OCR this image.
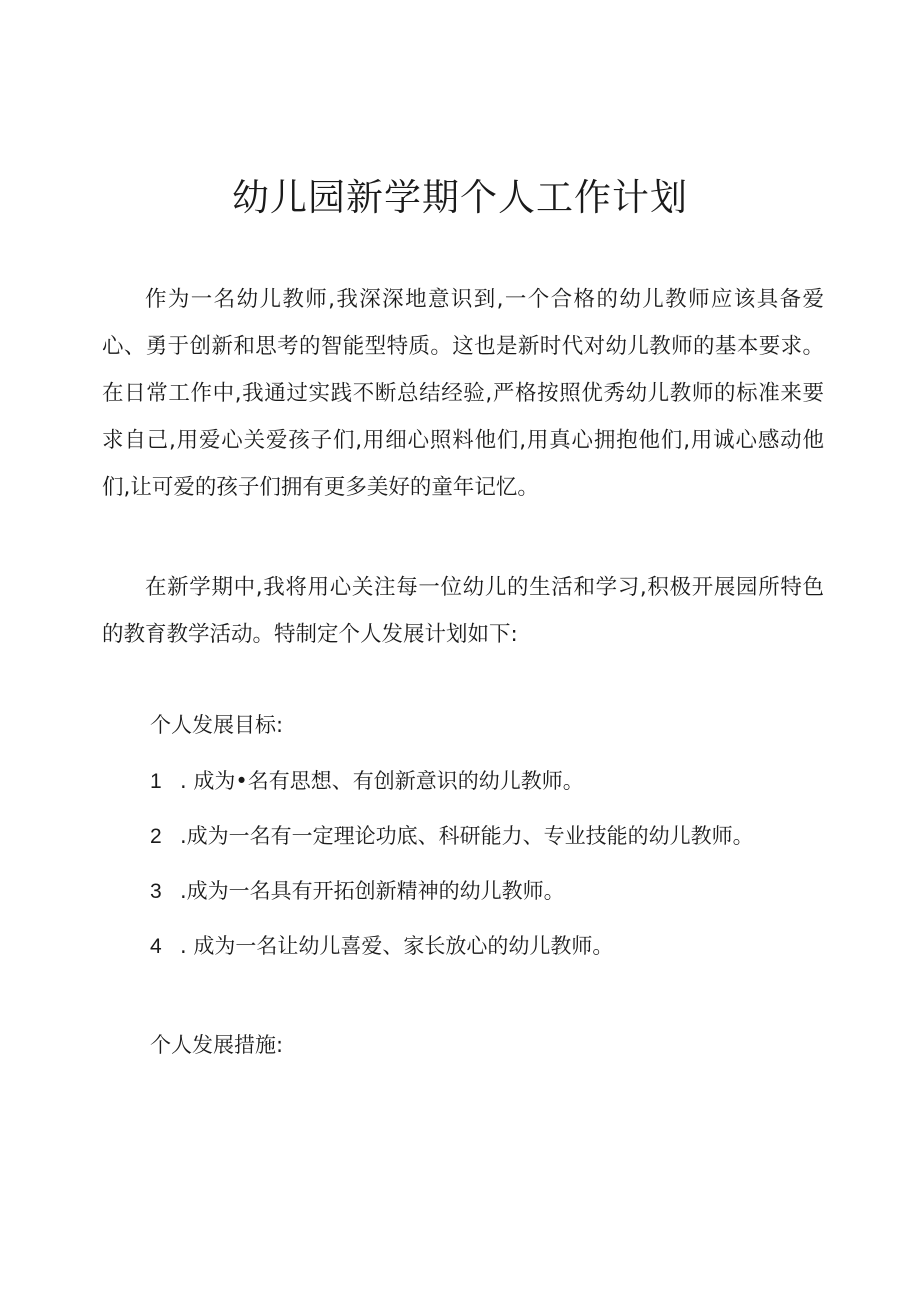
幼儿园新学期个人工作计划

作为一名幼儿教师,我深深地意识到,一个合格的幼儿教师应该具备爱心、勇于创新和思考的智能型特质。这也是新时代对幼儿教师的基本要求。在日常工作中,我通过实践不断总结经验,严格按照优秀幼儿教师的标准来要求自己,用爱心关爱孩子们,用细心照料他们,用真心拥抱他们,用诚心感动他们,让可爱的孩子们拥有更多美好的童年记忆。

在新学期中,我将用心关注每一位幼儿的生活和学习,积极开展园所特色的教育教学活动。特制定个人发展计划如下:

个人发展目标:

1 . 成为•名有思想、有创新意识的幼儿教师。

2 .成为一名有一定理论功底、科研能力、专业技能的幼儿教师。

3 .成为一名具有开拓创新精神的幼儿教师。

4 . 成为一名让幼儿喜爱、家长放心的幼儿教师。

个人发展措施:
